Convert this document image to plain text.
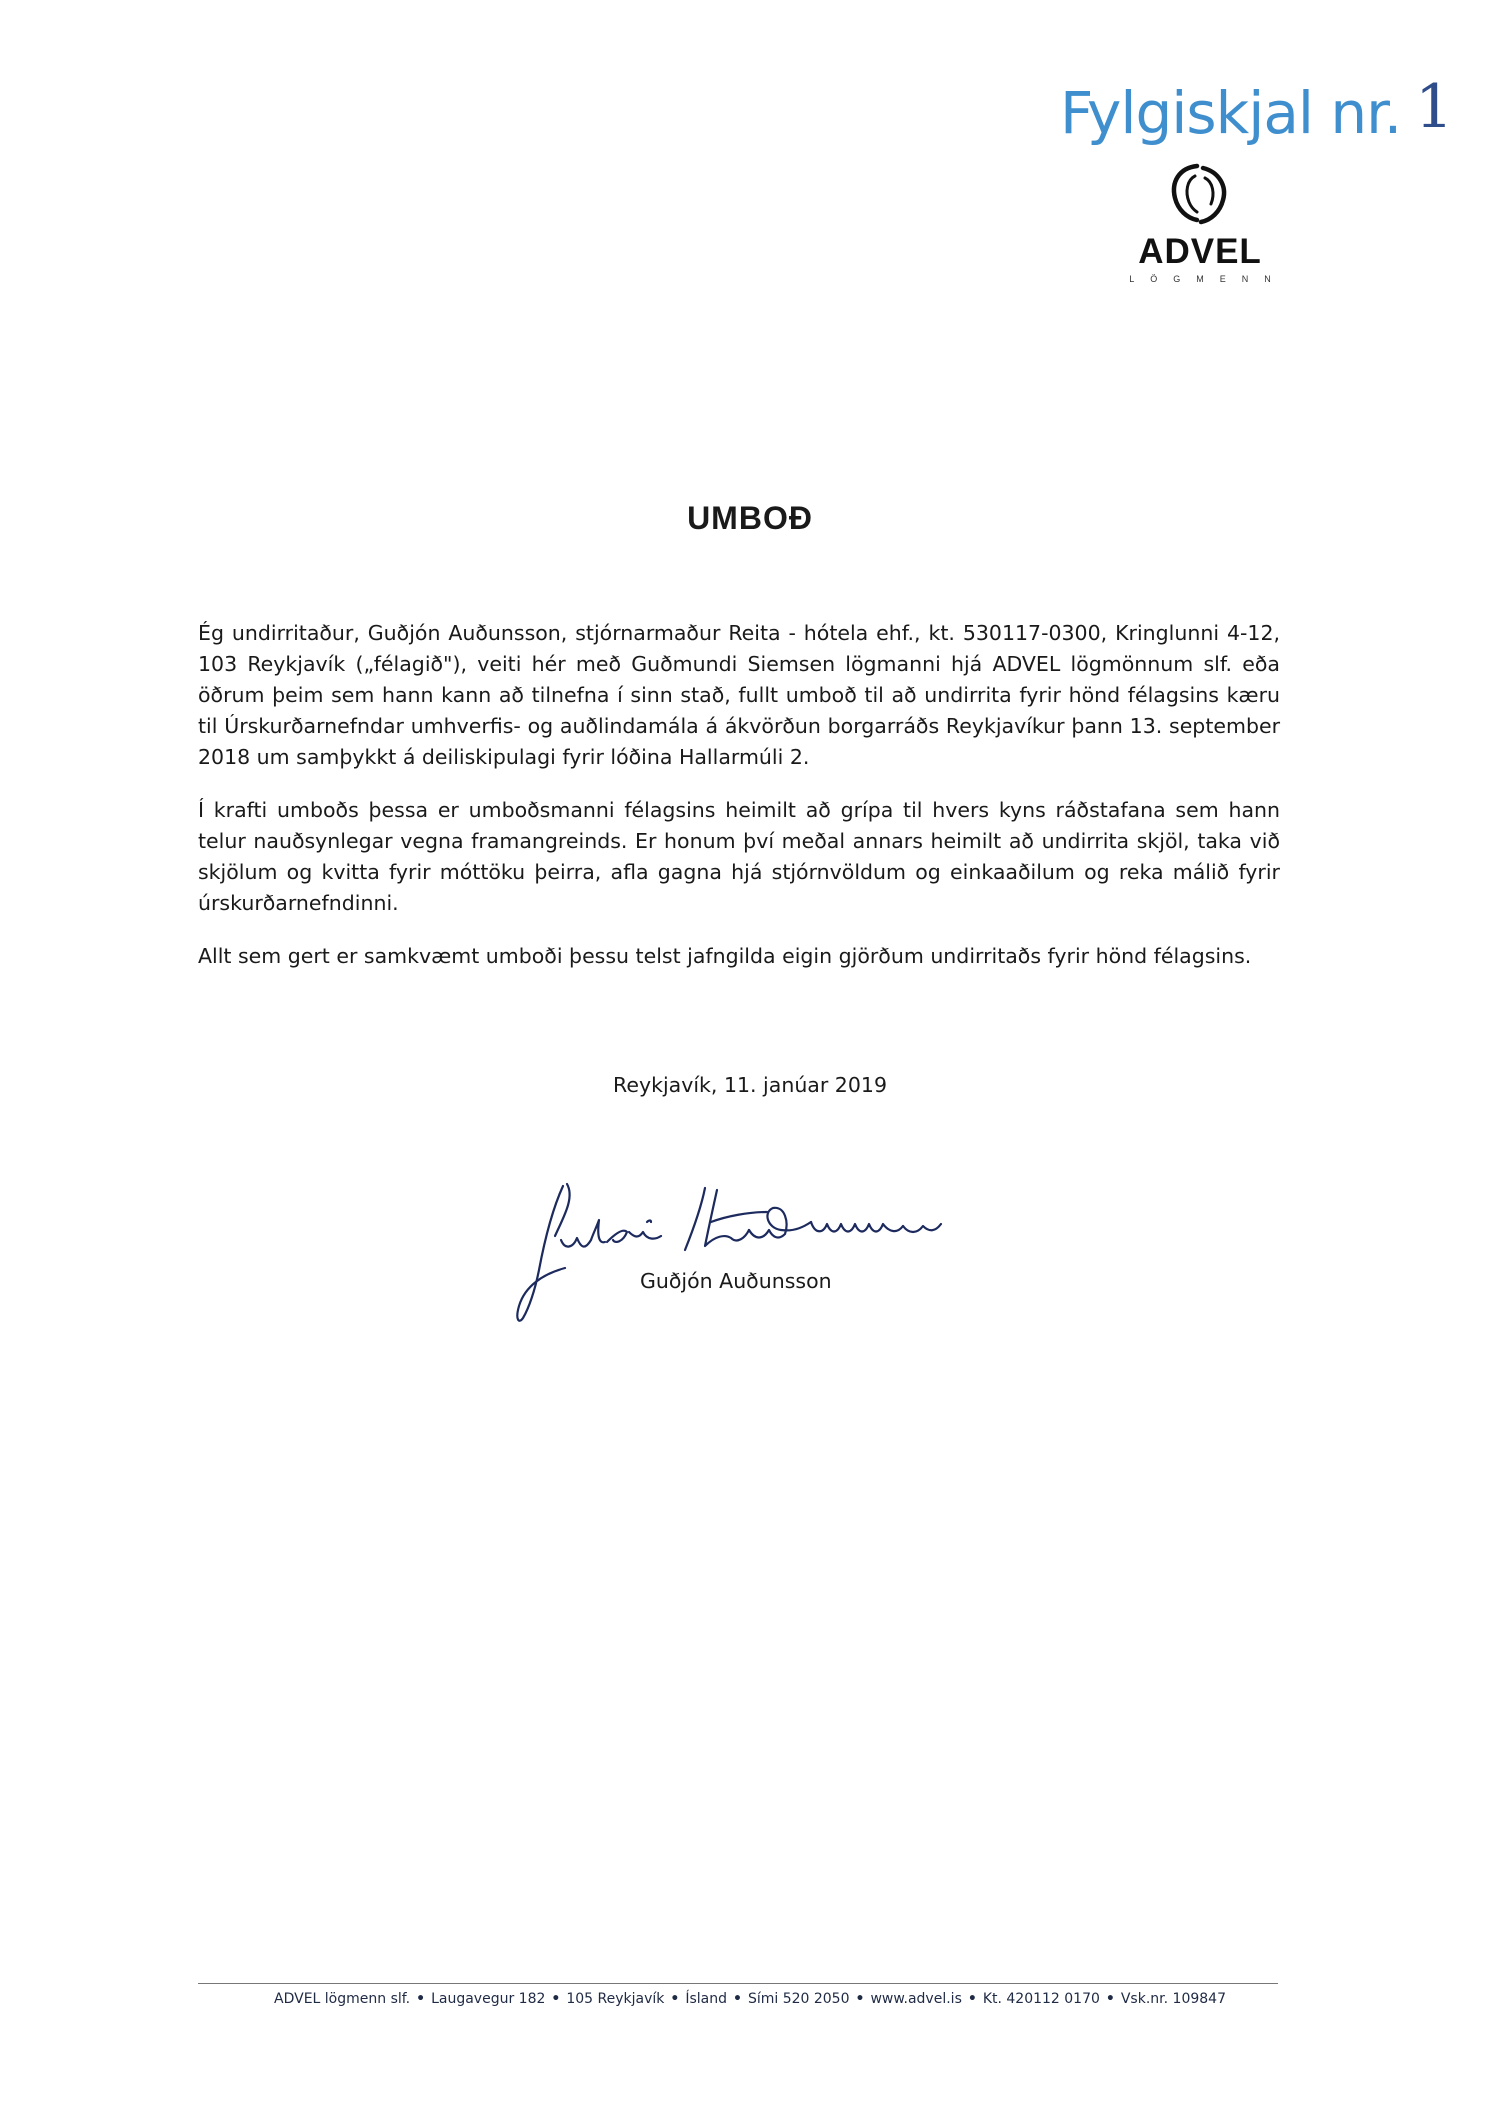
Fylgiskjal nr. 1
ADVEL
LÖGMENN
UMBOÐ

Ég undirritaður, Guðjón Auðunsson, stjórnarmaður Reita - hótela ehf., kt. 530117-0300, Kringlunni 4-12, 103 Reykjavík („félagið"), veiti hér með Guðmundi Siemsen lögmanni hjá ADVEL lögmönnum slf. eða öðrum þeim sem hann kann að tilnefna í sinn stað, fullt umboð til að undirrita fyrir hönd félagsins kæru til Úrskurðarnefndar umhverfis- og auðlindamála á ákvörðun borgarráðs Reykjavíkur þann 13. september 2018 um samþykkt á deiliskipulagi fyrir lóðina Hallarmúli 2.

Í krafti umboðs þessa er umboðsmanni félagsins heimilt að grípa til hvers kyns ráðstafana sem hann telur nauðsynlegar vegna framangreinds. Er honum því meðal annars heimilt að undirrita skjöl, taka við skjölum og kvitta fyrir móttöku þeirra, afla gagna hjá stjórnvöldum og einkaaðilum og reka málið fyrir úrskurðarnefndinni.

Allt sem gert er samkvæmt umboði þessu telst jafngilda eigin gjörðum undirritaðs fyrir hönd félagsins.

Reykjavík, 11. janúar 2019
Guðjón Auðunsson
ADVEL lögmenn slf. • Laugavegur 182 • 105 Reykjavík • Ísland • Sími 520 2050 • www.advel.is • Kt. 420112 0170 • Vsk.nr. 109847
